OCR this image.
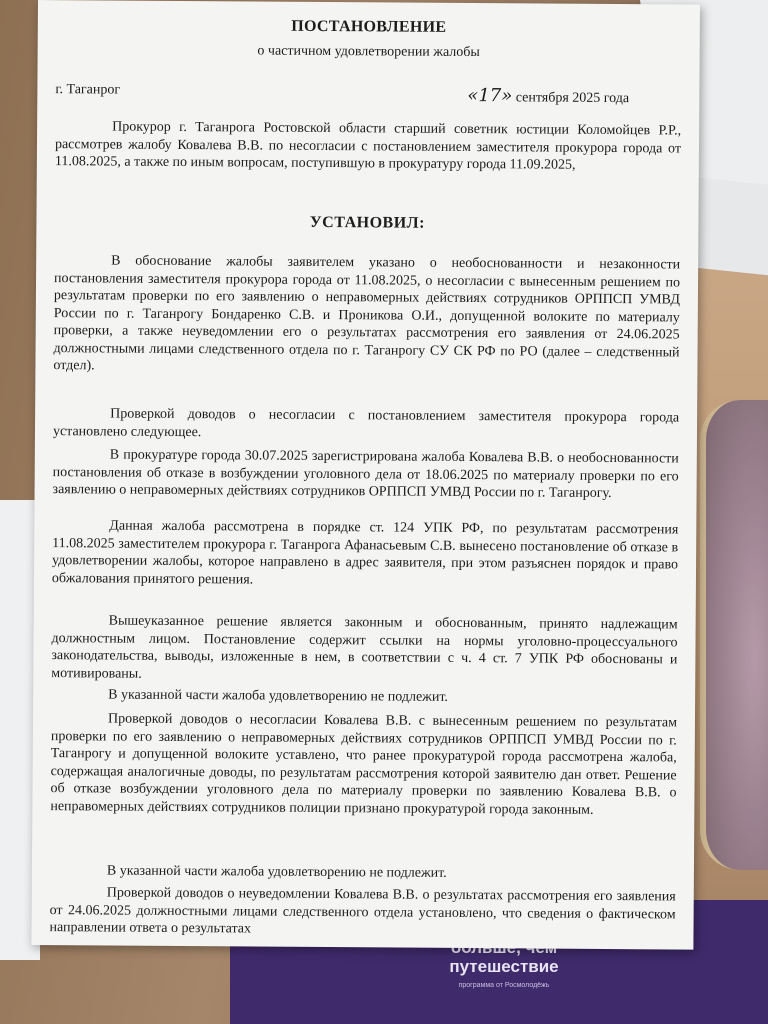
путешествие
программа от Росмолодёжь
ПОСТАНОВЛЕНИЕ
о частичном удовлетворении жалобы
г. Таганрог	«17» сентября 2025 года

Прокурор г. Таганрога Ростовской области старший советник юстиции Коломойцев Р.Р., рассмотрев жалобу Ковалева В.В. по несогласии с постановлением заместителя прокурора города от 11.08.2025, а также по иным вопросам, поступившую в прокуратуру города 11.09.2025,

УСТАНОВИЛ:

В обоснование жалобы заявителем указано о необоснованности и незаконности постановления заместителя прокурора города от 11.08.2025, о несогласии с вынесенным решением по результатам проверки по его заявлению о неправомерных действиях сотрудников ОРППСП УМВД России по г. Таганрогу Бондаренко С.В. и Проникова О.И., допущенной волоките по материалу проверки, а также неуведомлении его о результатах рассмотрения его заявления от 24.06.2025 должностными лицами следственного отдела по г. Таганрогу СУ СК РФ по РО (далее – следственный отдел).

Проверкой доводов о несогласии с постановлением заместителя прокурора города установлено следующее.

В прокуратуре города 30.07.2025 зарегистрирована жалоба Ковалева В.В. о необоснованности постановления об отказе в возбуждении уголовного дела от 18.06.2025 по материалу проверки по его заявлению о неправомерных действиях сотрудников ОРППСП УМВД России по г. Таганрогу.

Данная жалоба рассмотрена в порядке ст. 124 УПК РФ, по результатам рассмотрения 11.08.2025 заместителем прокурора г. Таганрога Афанасьевым С.В. вынесено постановление об отказе в удовлетворении жалобы, которое направлено в адрес заявителя, при этом разъяснен порядок и право обжалования принятого решения.

Вышеуказанное решение является законным и обоснованным, принято надлежащим должностным лицом. Постановление содержит ссылки на нормы уголовно-процессуального законодательства, выводы, изложенные в нем, в соответствии с ч. 4 ст. 7 УПК РФ обоснованы и мотивированы.

В указанной части жалоба удовлетворению не подлежит.

Проверкой доводов о несогласии Ковалева В.В. с вынесенным решением по результатам проверки по его заявлению о неправомерных действиях сотрудников ОРППСП УМВД России по г. Таганрогу и допущенной волоките уставлено, что ранее прокуратурой города рассмотрена жалоба, содержащая аналогичные доводы, по результатам рассмотрения которой заявителю дан ответ. Решение об отказе возбуждении уголовного дела по материалу проверки по заявлению Ковалева В.В. о неправомерных действиях сотрудников полиции признано прокуратурой города законным.

В указанной части жалоба удовлетворению не подлежит.

Проверкой доводов о неуведомлении Ковалева В.В. о результатах рассмотрения его заявления от 24.06.2025 должностными лицами следственного отдела установлено, что сведения о фактическом направлении ответа о результатах
